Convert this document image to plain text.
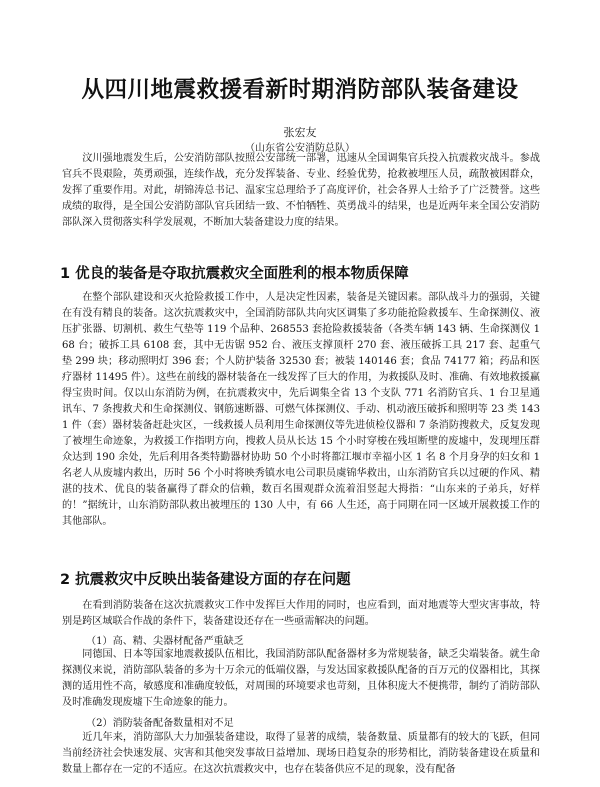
从四川地震救援看新时期消防部队装备建设
张宏友
（山东省公安消防总队）

汶川强地震发生后，公安消防部队按照公安部统一部署，迅速从全国调集官兵投入抗震救灾战斗。参战官兵不畏艰险，英勇顽强，连续作战，充分发挥装备、专业、经验优势，抢救被埋压人员，疏散被困群众，发挥了重要作用。对此，胡锦涛总书记、温家宝总理给予了高度评价，社会各界人士给予了广泛赞誉。这些成绩的取得，是全国公安消防部队官兵团结一致、不怕牺牲、英勇战斗的结果，也是近两年来全国公安消防部队深入贯彻落实科学发展观，不断加大装备建设力度的结果。

1 优良的装备是夺取抗震救灾全面胜利的根本物质保障

在整个部队建设和灭火抢险救援工作中，人是决定性因素，装备是关键因素。部队战斗力的强弱，关键在有没有精良的装备。这次抗震救灾中，全国消防部队共向灾区调集了多功能抢险救援车、生命探测仪、液压扩张器、切割机、救生气垫等 119 个品种、268553 套抢险救援装备（各类车辆 143 辆、生命探测仪 168 台；破拆工具 6108 套，其中无齿锯 952 台、液压支撑顶杆 270 套、液压破拆工具 217 套、起重气垫 299 块；移动照明灯 396 套；个人防护装备 32530 套；被装 140146 套；食品 74177 箱；药品和医疗器材 11495 件）。这些在前线的器材装备在一线发挥了巨大的作用，为救援队及时、准确、有效地救援赢得宝贵时间。仅以山东消防为例，在抗震救灾中，先后调集全省 13 个支队 771 名消防官兵、1 台卫星通讯车、7 条搜救犬和生命探测仪、钢筋速断器、可燃气体探测仪、手动、机动液压破拆和照明等 23 类 1431 件（套）器材装备赶赴灾区，一线救援人员利用生命探测仪等先进侦检仪器和 7 条消防搜救犬，反复发现了被埋生命迹象，为救援工作指明方向，搜救人员从长达 15 个小时穿梭在残垣断壁的废墟中，发现埋压群众达到 190 余处，先后利用各类特勤器材协助 50 个小时将都江堰市幸福小区 1 名 8 个月身孕的妇女和 1 名老人从废墟内救出，历时 56 个小时将映秀镇水电公司职员虞锦华救出，山东消防官兵以过硬的作风、精湛的技术、优良的装备赢得了群众的信赖，数百名围观群众流着泪竖起大拇指：“山东来的子弟兵，好样的！”据统计，山东消防部队救出被埋压的 130 人中，有 66 人生还，高于同期在同一区域开展救援工作的其他部队。

2 抗震救灾中反映出装备建设方面的存在问题

在看到消防装备在这次抗震救灾工作中发挥巨大作用的同时，也应看到，面对地震等大型灾害事故，特别是跨区域联合作战的条件下，装备建设还存在一些亟需解决的问题。

（1）高、精、尖器材配备严重缺乏

同德国、日本等国家地震救援队伍相比，我国消防部队配备器材多为常规装备，缺乏尖端装备。就生命探测仪来说，消防部队装备的多为十万余元的低端仪器，与发达国家救援队配备的百万元的仪器相比，其探测的适用性不高，敏感度和准确度较低，对周围的环境要求也苛刻，且体积庞大不便携带，制约了消防部队及时准确发现废墟下生命迹象的能力。

（2）消防装备配备数量相对不足

近几年来，消防部队大力加强装备建设，取得了显著的成绩，装备数量、质量都有的较大的飞跃，但同当前经济社会快速发展、灾害和其他突发事故日益增加、现场日趋复杂的形势相比，消防装备建设在质量和数量上都存在一定的不适应。在这次抗震救灾中，也存在装备供应不足的现象，没有配备
